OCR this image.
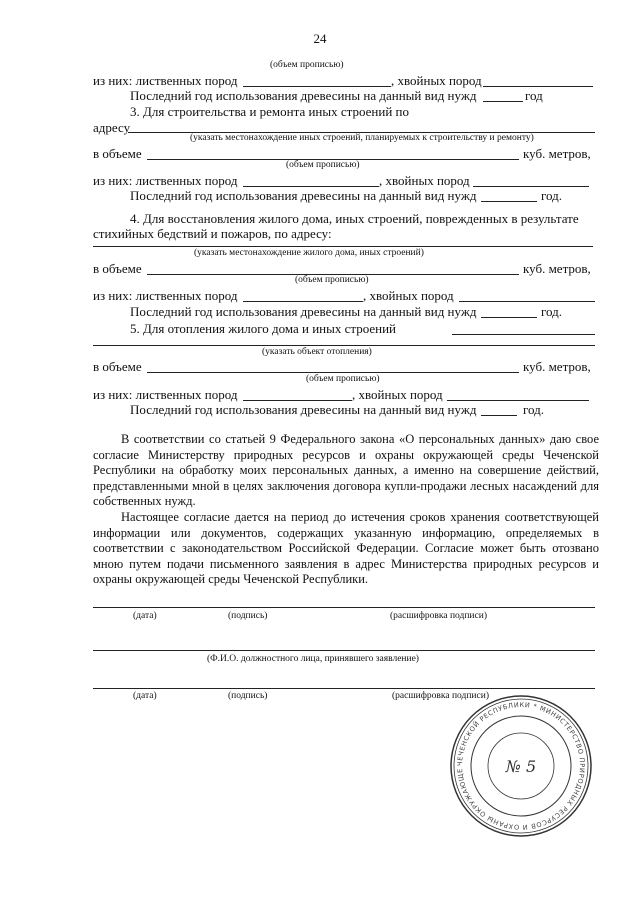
24
(объем прописью)
из них: лиственных пород	, хвойных пород
Последний год использования древесины на данный вид нужд	год
3. Для строительства и ремонта иных строений по
адресу
(указать местонахождение иных строений, планируемых к строительству и ремонту)
в объеме	куб. метров,
(объем прописью)
из них: лиственных пород	, хвойных пород
Последний год использования древесины на данный вид нужд	год.
4. Для восстановления жилого дома, иных строений, поврежденных в результате
стихийных бедствий и пожаров, по адресу:
(указать местонахождение жилого дома, иных строений)
в объеме	куб. метров,
(объем прописью)
из них: лиственных пород	, хвойных пород
Последний год использования древесины на данный вид нужд	год.
5. Для отопления жилого дома и иных строений
(указать объект отопления)
в объеме	куб. метров,
(объем прописью)
из них: лиственных пород	, хвойных пород
Последний год использования древесины на данный вид нужд	год.

В соответствии со статьей 9 Федерального закона «О персональных данных» даю свое согласие Министерству природных ресурсов и охраны окружающей среды Чеченской Республики на обработку моих персональных данных, а именно на совершение действий, представленными мной в целях заключения договора купли-продажи лесных насаждений для собственных нужд.

Настоящее согласие дается на период до истечения сроков хранения соответствующей информации или документов, содержащих указанную информацию, определяемых в соответствии с законодательством Российской Федерации. Согласие может быть отозвано мною путем подачи письменного заявления в адрес Министерства природных ресурсов и охраны окружающей среды Чеченской Республики.

(дата)	(подпись)	(расшифровка подписи)
(Ф.И.О. должностного лица, принявшего заявление)
(дата)	(подпись)	(расшифровка подписи)
ЧЕЧЕНСКОЙ РЕСПУБЛИКИ * МИНИСТЕРСТВО ПРИРОДНЫХ РЕСУРСОВ И ОХРАНЫ ОКРУЖАЮЩЕ	№ 5
